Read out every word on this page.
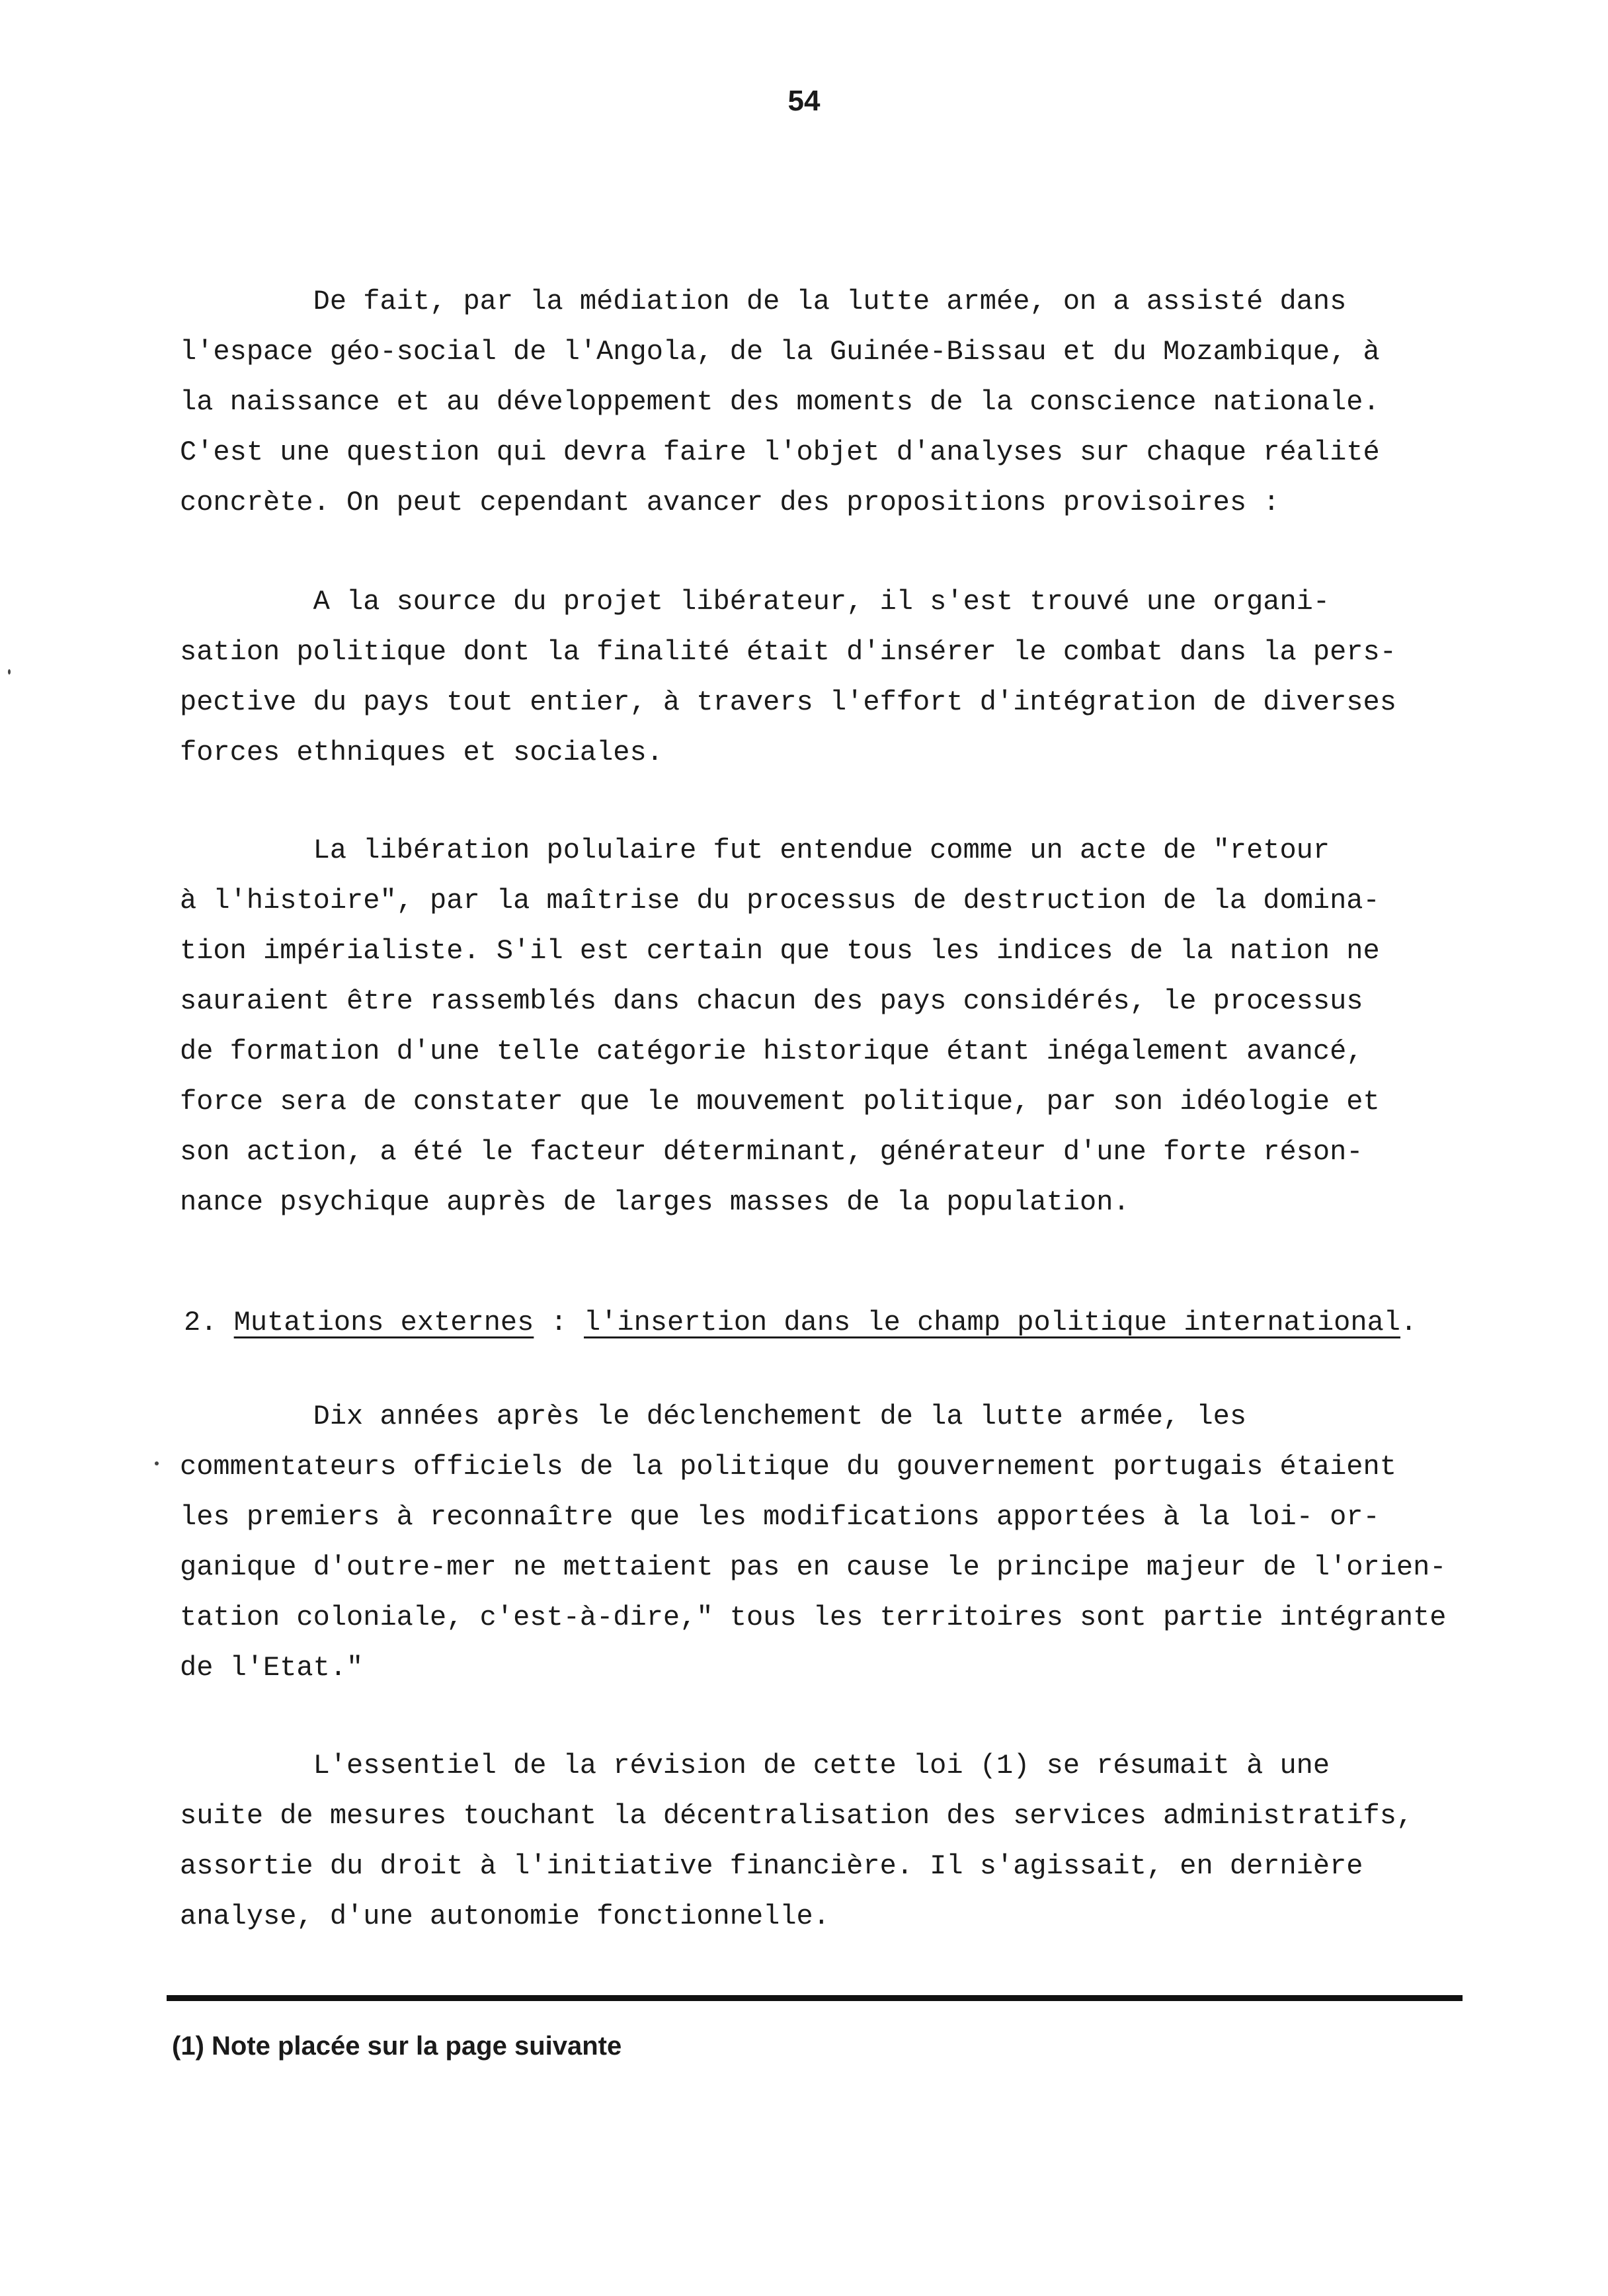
54

De fait, par la médiation de la lutte armée, on a assisté dans
l'espace géo-social de l'Angola, de la Guinée-Bissau et du Mozambique, à
la naissance et au développement des moments de la conscience nationale.
C'est une question qui devra faire l'objet d'analyses sur chaque réalité
concrète. On peut cependant avancer des propositions provisoires :

A la source du projet libérateur, il s'est trouvé une organi-
sation politique dont la finalité était d'insérer le combat dans la pers-
pective du pays tout entier, à travers l'effort d'intégration de diverses
forces ethniques et sociales.

La libération polulaire fut entendue comme un acte de "retour
à l'histoire", par la maîtrise du processus de destruction de la domina-
tion impérialiste. S'il est certain que tous les indices de la nation ne
sauraient être rassemblés dans chacun des pays considérés, le processus
de formation d'une telle catégorie historique étant inégalement avancé,
force sera de constater que le mouvement politique, par son idéologie et
son action, a été le facteur déterminant, générateur d'une forte réson-
nance psychique auprès de larges masses de la population.

2. Mutations externes : l'insertion dans le champ politique international.

Dix années après le déclenchement de la lutte armée, les
commentateurs officiels de la politique du gouvernement portugais étaient
les premiers à reconnaître que les modifications apportées à la loi- or-
ganique d'outre-mer ne mettaient pas en cause le principe majeur de l'orien-
tation coloniale, c'est-à-dire," tous les territoires sont partie intégrante
de l'Etat."

L'essentiel de la révision de cette loi (1) se résumait à une
suite de mesures touchant la décentralisation des services administratifs,
assortie du droit à l'initiative financière. Il s'agissait, en dernière
analyse, d'une autonomie fonctionnelle.

(1) Note placée sur la page suivante
